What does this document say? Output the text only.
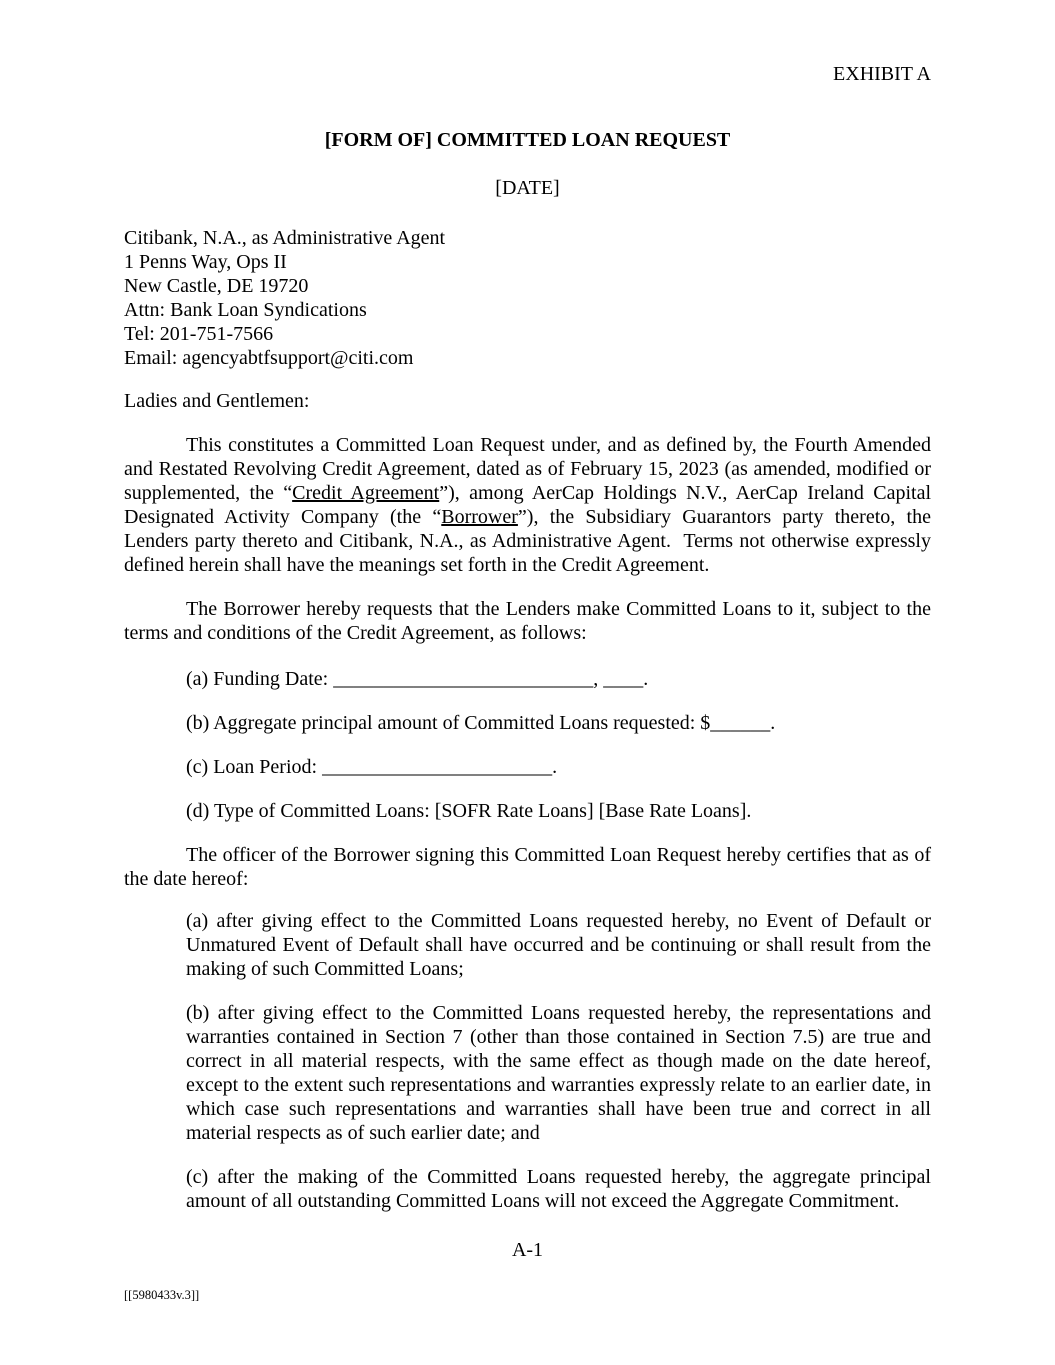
EXHIBIT A
[FORM OF] COMMITTED LOAN REQUEST
[DATE]
Citibank, N.A., as Administrative Agent
1 Penns Way, Ops II
New Castle, DE 19720
Attn: Bank Loan Syndications
Tel: 201-751-7566
Email: agencyabtfsupport@citi.com
Ladies and Gentlemen:

This constitutes a Committed Loan Request under, and as defined by, the Fourth Amended and Restated Revolving Credit Agreement, dated as of February 15, 2023 (as amended, modified or supplemented, the “Credit Agreement”), among AerCap Holdings N.V., AerCap Ireland Capital Designated Activity Company (the “Borrower”), the Subsidiary Guarantors party thereto, the Lenders party thereto and Citibank, N.A., as Administrative Agent.  Terms not otherwise expressly defined herein shall have the meanings set forth in the Credit Agreement.

The Borrower hereby requests that the Lenders make Committed Loans to it, subject to the terms and conditions of the Credit Agreement, as follows:

(a) Funding Date: __________________________, ____.
(b) Aggregate principal amount of Committed Loans requested: $______.
(c) Loan Period: _______________________.
(d) Type of Committed Loans: [SOFR Rate Loans] [Base Rate Loans].

The officer of the Borrower signing this Committed Loan Request hereby certifies that as of the date hereof:

(a) after giving effect to the Committed Loans requested hereby, no Event of Default or Unmatured Event of Default shall have occurred and be continuing or shall result from the making of such Committed Loans;
(b) after giving effect to the Committed Loans requested hereby, the representations and warranties contained in Section 7 (other than those contained in Section 7.5) are true and correct in all material respects, with the same effect as though made on the date hereof, except to the extent such representations and warranties expressly relate to an earlier date, in which case such representations and warranties shall have been true and correct in all material respects as of such earlier date; and
(c) after the making of the Committed Loans requested hereby, the aggregate principal amount of all outstanding Committed Loans will not exceed the Aggregate Commitment.
A-1
[[5980433v.3]]
